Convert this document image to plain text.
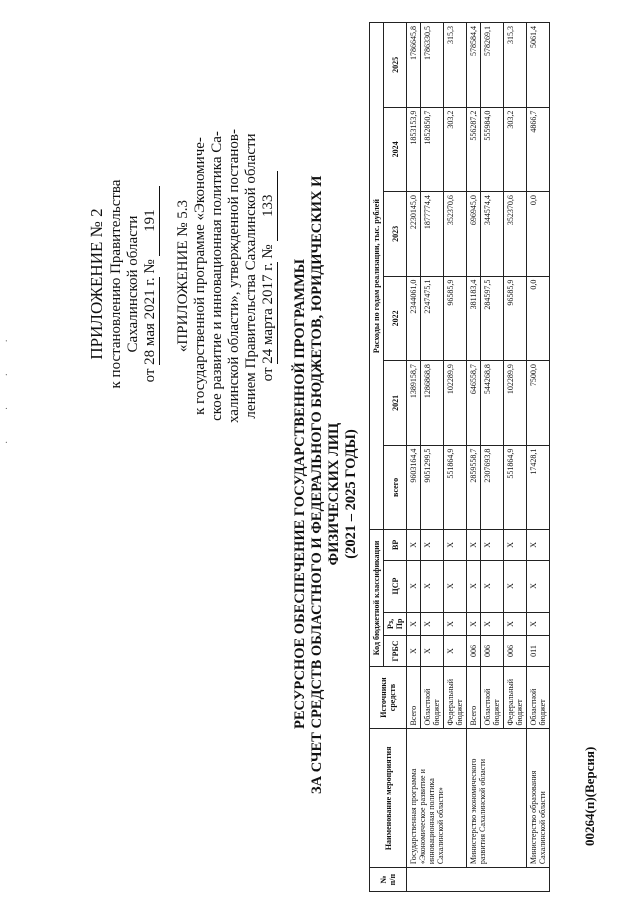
· · · ·
ПРИЛОЖЕНИЕ № 2 к постановлению Правительства Сахалинской области
от 28 мая 2021 г. № 191 «ПРИЛОЖЕНИЕ № 5.3 к государственной программе «Экономиче- ское развитие и инновационная политика Са- халинской области», утвержденной постанов- лением Правительства Сахалинской области от 24 марта 2017 г. № 133
РЕСУРСНОЕ ОБЕСПЕЧЕНИЕ ГОСУДАРСТВЕННОЙ ПРОГРАММЫ ЗА СЧЕТ СРЕДСТВ ОБЛАСТНОГО И ФЕДЕРАЛЬНОГО БЮДЖЕТОВ, ЮРИДИЧЕСКИХ И ФИЗИЧЕСКИХ ЛИЦ (2021 – 2025 ГОДЫ)
№ п/п	Наименование мероприятия	Источники средств	Код бюджетной классификации				Расходы по годам реализации, тыс. рублей					
			ГРБС	Рз, Пр	ЦСР	ВР	всего	2021	2022	2023	2024	2025
	Государственная программа «Экономическое развитие и инновационная политика Сахалинской области»	Всего	Х	Х	Х	Х	9603164,4	1389158,7	2344061,0	2230145,0	1853153,9	1786645,8
		Областной бюджет	Х	Х	Х	Х	9051299,5	1286868,8	2247475,1	1877774,4	1852850,7	1786330,5
		Федеральный бюджет	Х	Х	Х	Х	551864,9	102289,9	96585,9	352370,6	303,2	315,3
	Министерство экономического развития Сахалинской области	Всего	006	Х	Х	Х	2859558,7	646558,7	381183,4	696945,0	556287,2	578584,4
		Областной бюджет	006	Х	Х	Х	2307693,8	544268,8	284597,5	344574,4	555984,0	578269,1
		Федеральный бюджет	006	Х	Х	Х	551864,9	102289,9	96585,9	352370,6	303,2	315,3
	Министерство образования Сахалинской области	Областной бюджет	011	Х	Х	Х	17428,1	7500,0	0,0	0,0	4866,7	5061,4
00264(п)(Версия)
